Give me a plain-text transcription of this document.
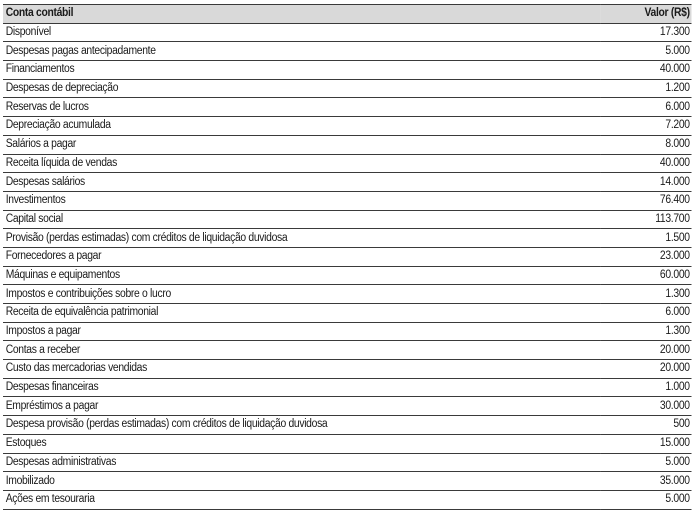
Conta contábil	Valor (R$)
Disponível	17.300
Despesas pagas antecipadamente	5.000
Financiamentos	40.000
Despesas de depreciação	1.200
Reservas de lucros	6.000
Depreciação acumulada	7.200
Salários a pagar	8.000
Receita líquida de vendas	40.000
Despesas salários	14.000
Investimentos	76.400
Capital social	113.700
Provisão (perdas estimadas) com créditos de liquidação duvidosa	1.500
Fornecedores a pagar	23.000
Máquinas e equipamentos	60.000
Impostos e contribuições sobre o lucro	1.300
Receita de equivalência patrimonial	6.000
Impostos a pagar	1.300
Contas a receber	20.000
Custo das mercadorias vendidas	20.000
Despesas financeiras	1.000
Empréstimos a pagar	30.000
Despesa provisão (perdas estimadas) com créditos de liquidação duvidosa	500
Estoques	15.000
Despesas administrativas	5.000
Imobilizado	35.000
Ações em tesouraria	5.000
